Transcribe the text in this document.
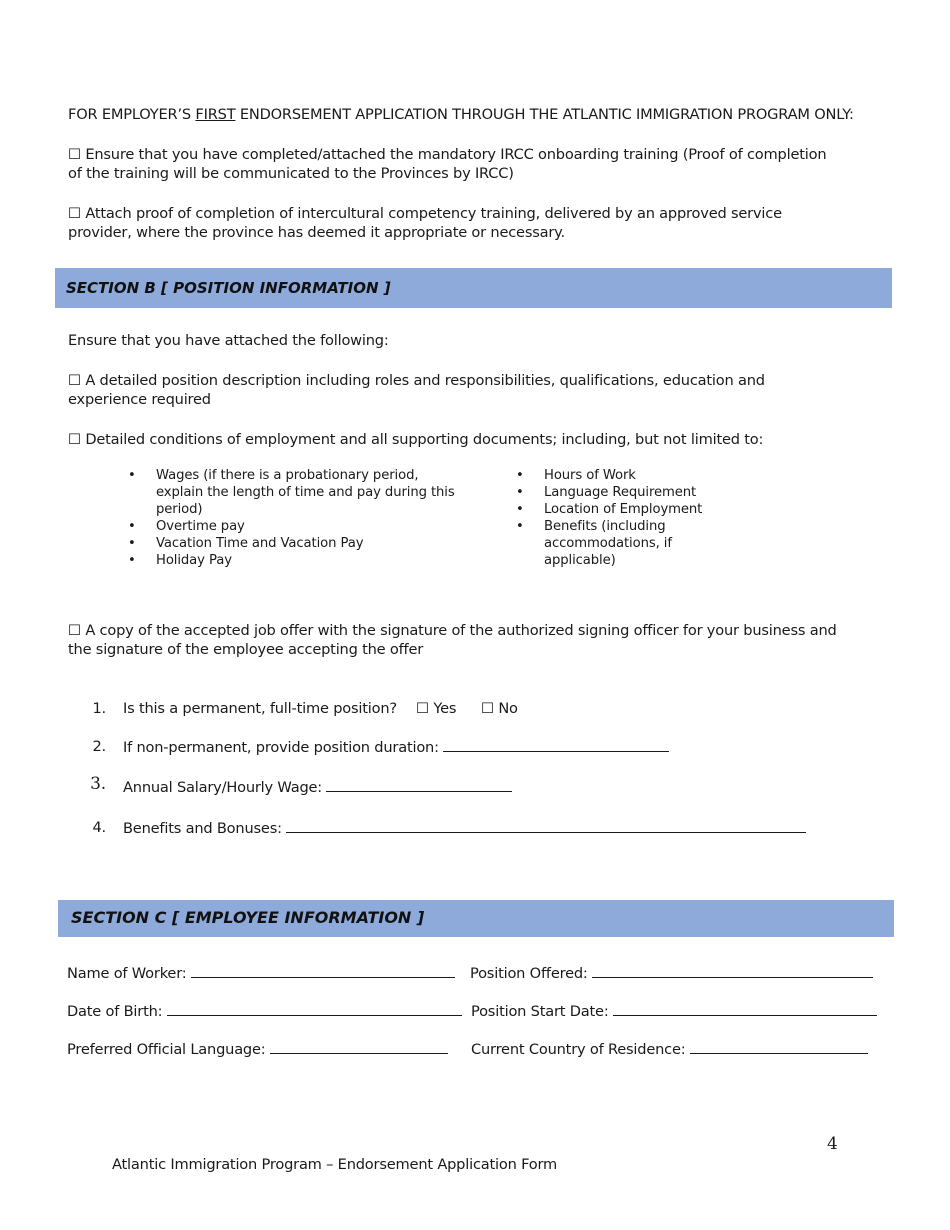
FOR EMPLOYER’S FIRST ENDORSEMENT APPLICATION THROUGH THE ATLANTIC IMMIGRATION PROGRAM ONLY:
☐ Ensure that you have completed/attached the mandatory IRCC onboarding training (Proof of completion
of the training will be communicated to the Provinces by IRCC)
☐ Attach proof of completion of intercultural competency training, delivered by an approved service
provider, where the province has deemed it appropriate or necessary.
SECTION B [ POSITION INFORMATION ]
Ensure that you have attached the following:
☐ A detailed position description including roles and responsibilities, qualifications, education and
experience required
☐ Detailed conditions of employment and all supporting documents; including, but not limited to:
• Wages (if there is a probationary period, explain the length of time and pay during this period)
• Overtime pay
• Vacation Time and Vacation Pay
• Holiday Pay
• Hours of Work
• Language Requirement
• Location of Employment
• Benefits (including accommodations, if applicable)
☐ A copy of the accepted job offer with the signature of the authorized signing officer for your business and
the signature of the employee accepting the offer
1. Is this a permanent, full-time position? ☐ Yes ☐ No
2. If non-permanent, provide position duration:
3. Annual Salary/Hourly Wage:
4. Benefits and Bonuses:
SECTION C [ EMPLOYEE INFORMATION ]
Name of Worker:	Position Offered:
Date of Birth:	Position Start Date:
Preferred Official Language:	Current Country of Residence:
4
Atlantic Immigration Program – Endorsement Application Form
